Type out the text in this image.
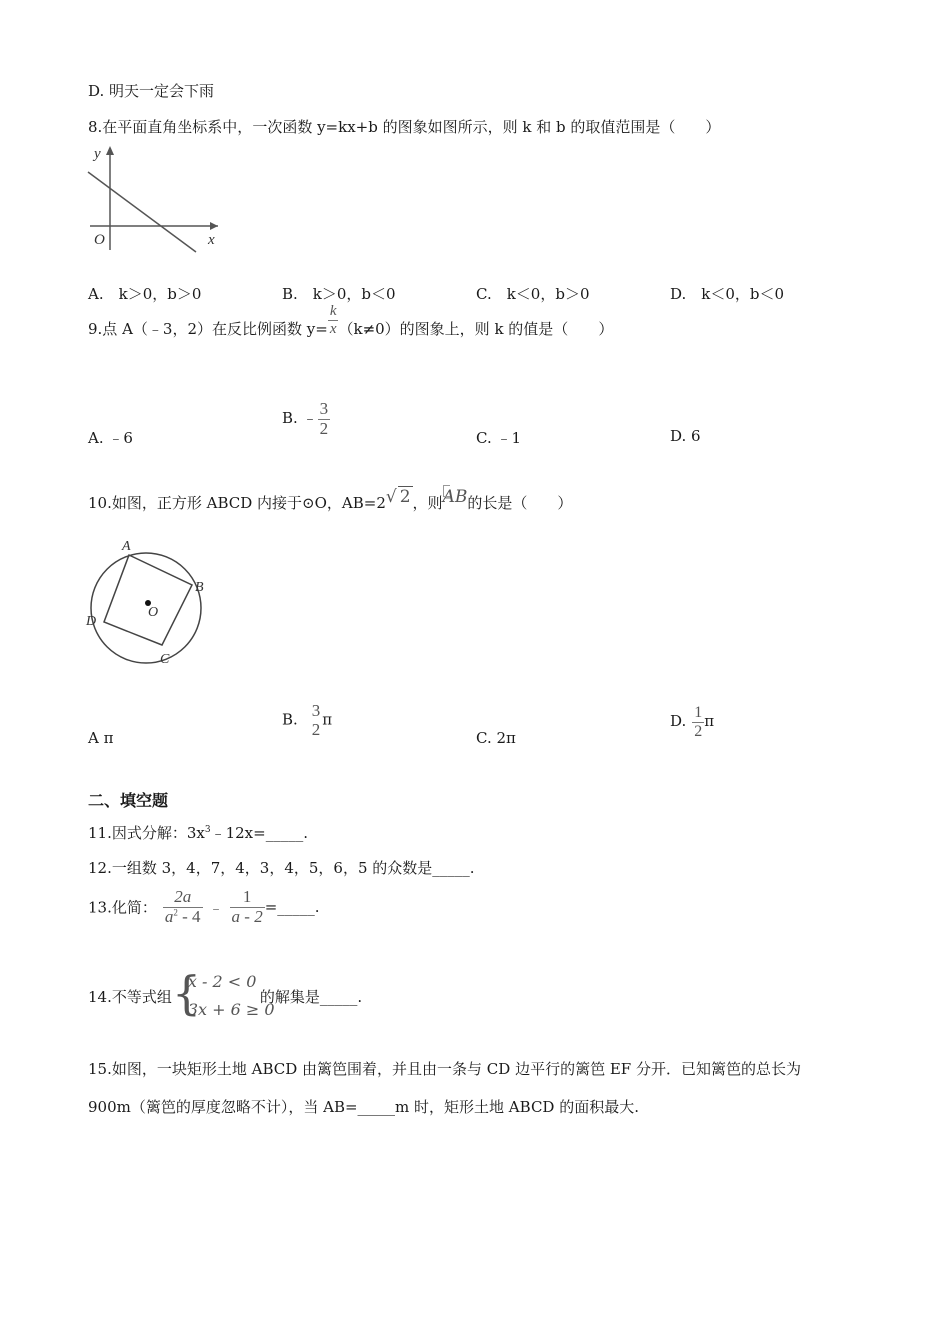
D. 明天一定会下雨
8.在平面直角坐标系中，一次函数 y=kx+b 的图象如图所示，则 k 和 b 的取值范围是（　　）
y
x
O
A.　k＞0，b＞0	B.　k＞0，b＜0	C.　k＜0，b＞0	D.　k＜0，b＜0
9.点 A（﹣3，2）在反比例函数 $y= \frac{k}{x} (k\ne 0)$的图象上，则 k 的值是（　　）
A. ﹣6
B. ﹣ $\frac{3}{2}$	C. ﹣1	D. 6
10.如图，正方形 ABCD 内接于⊙O，AB=2√ 2 ，则AB的长是（　　）
A
B
C
D
O
A π
B. 3
2 π
C. 2π
D. $\frac{1}{2}$ π
二、填空题
11.因式分解：$3x^3﹣12x=\_\_\_\_\_$.
12.一组数 3，4，7，4，3，4，5，6，5 的众数是_____.
13.化简： $\frac{2a}{a^2 - 4}$ ﹣ $\frac{1}{a - 2}$ =_____.
14.不等式组 {
x - 2 < 0
3x + 6 ≥ 0
的解集是_____.
15.如图，一块矩形土地 ABCD 由篱笆围着，并且由一条与 CD 边平行的篱笆 EF 分开．已知篱笆的总长为
900m（篱笆的厚度忽略不计），当 AB=_____m 时，矩形土地 ABCD 的面积最大.
